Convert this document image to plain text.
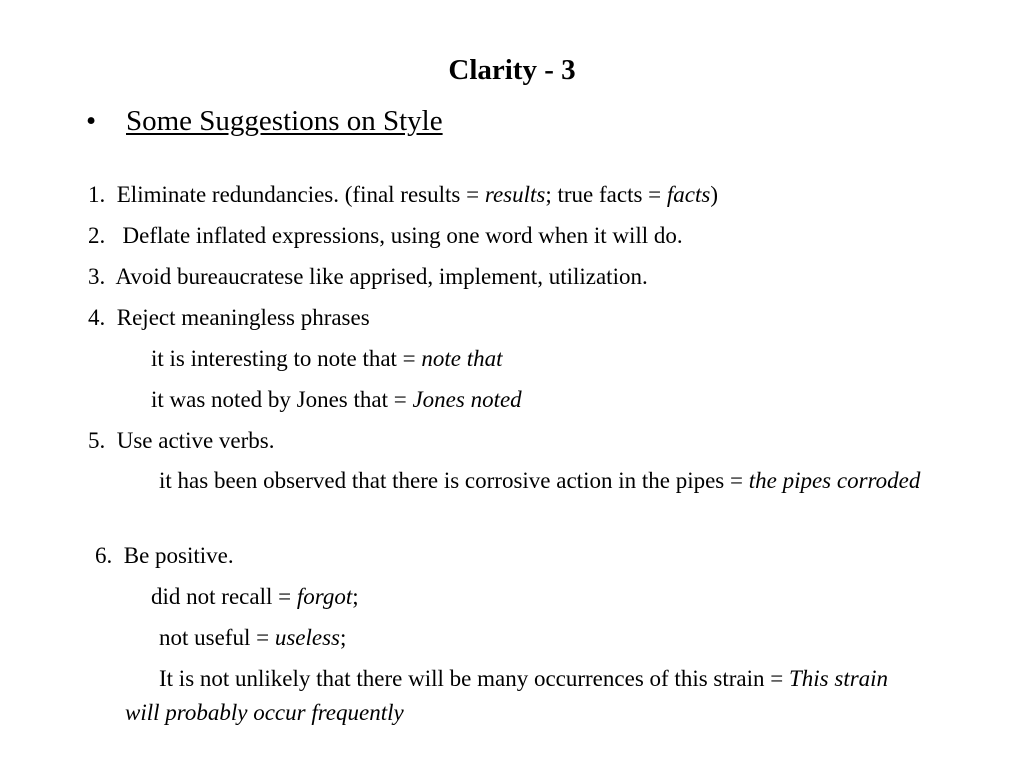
Clarity - 3
• Some Suggestions on Style
1.  Eliminate redundancies. (final results = results; true facts = facts)
2.   Deflate inflated expressions, using one word when it will do.
3.  Avoid bureaucratese like apprised, implement, utilization.
4.  Reject meaningless phrases
it is interesting to note that = note that
it was noted by Jones that = Jones noted
5.  Use active verbs.
it has been observed that there is corrosive action in the pipes = the pipes corroded
6.  Be positive.
did not recall = forgot;
not useful = useless;
It is not unlikely that there will be many occurrences of this strain = This strain will probably occur frequently
